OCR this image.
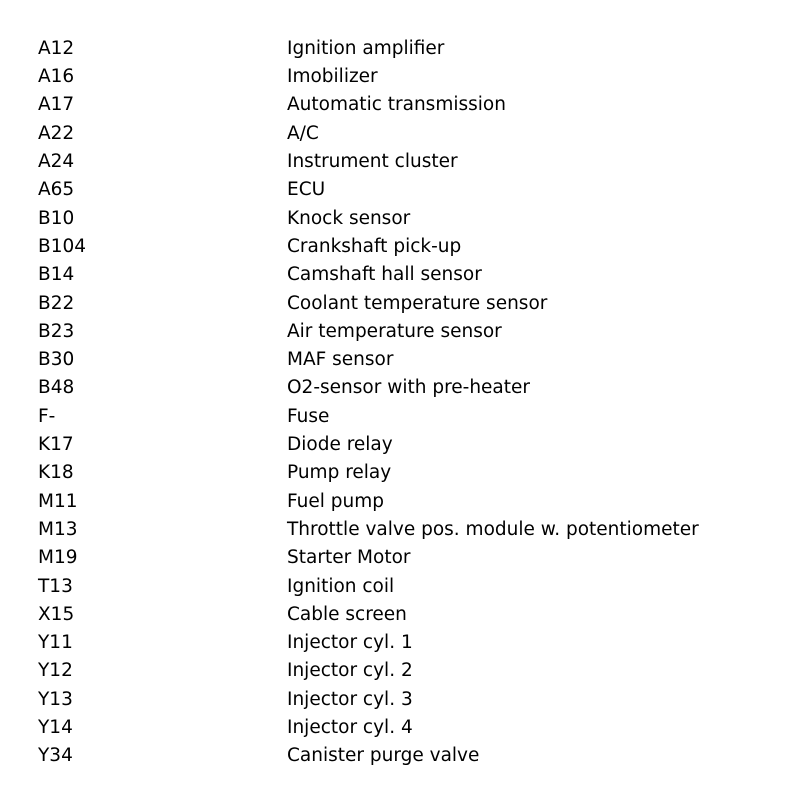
A12	Ignition amplifier
A16	Imobilizer
A17	Automatic transmission
A22	A/C
A24	Instrument cluster
A65	ECU
B10	Knock sensor
B104	Crankshaft pick-up
B14	Camshaft hall sensor
B22	Coolant temperature sensor
B23	Air temperature sensor
B30	MAF sensor
B48	O2-sensor with pre-heater
F-	Fuse
K17	Diode relay
K18	Pump relay
M11	Fuel pump
M13	Throttle valve pos. module w. potentiometer
M19	Starter Motor
T13	Ignition coil
X15	Cable screen
Y11	Injector cyl. 1
Y12	Injector cyl. 2
Y13	Injector cyl. 3
Y14	Injector cyl. 4
Y34	Canister purge valve
